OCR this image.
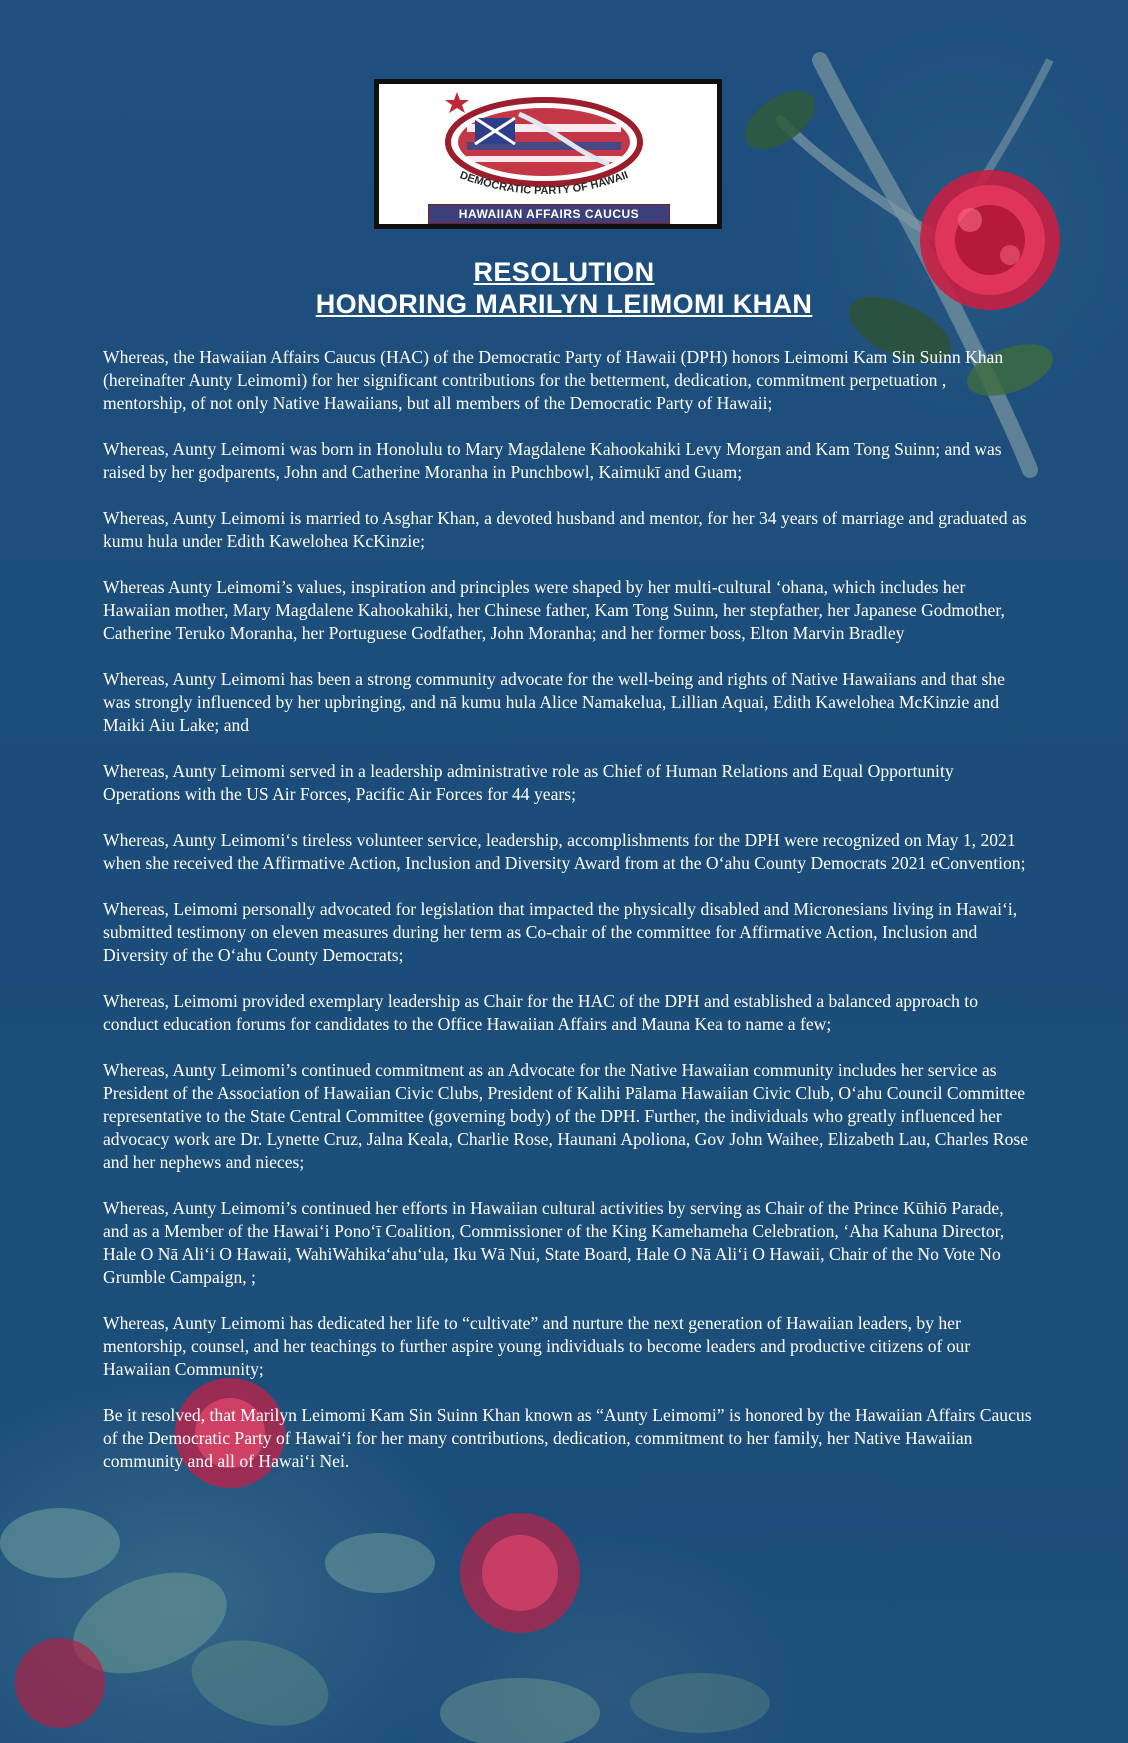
DEMOCRATIC PARTY OF HAWAII
HAWAIIAN AFFAIRS CAUCUS
RESOLUTION
HONORING MARILYN LEIMOMI KHAN

Whereas, the Hawaiian Affairs Caucus (HAC) of the Democratic Party of Hawaii (DPH) honors Leimomi Kam Sin Suinn Khan (hereinafter Aunty Leimomi) for her significant contributions for the betterment, dedication, commitment perpetuation , mentorship, of not only Native Hawaiians, but all members of the Democratic Party of Hawaii;

Whereas, Aunty Leimomi was born in Honolulu to Mary Magdalene Kahookahiki Levy Morgan and Kam Tong Suinn; and was raised by her godparents, John and Catherine Moranha in Punchbowl, Kaimukī and Guam;

Whereas, Aunty Leimomi is married to Asghar Khan, a devoted husband and mentor, for her 34 years of marriage and graduated as kumu hula under Edith Kawelohea KcKinzie;

Whereas Aunty Leimomi’s values, inspiration and principles were shaped by her multi-cultural ‘ohana, which includes her Hawaiian mother, Mary Magdalene Kahookahiki, her Chinese father, Kam Tong Suinn, her stepfather, her Japanese Godmother, Catherine Teruko Moranha, her Portuguese Godfather, John Moranha; and her former boss, Elton Marvin Bradley

Whereas, Aunty Leimomi has been a strong community advocate for the well-being and rights of Native Hawaiians and that she was strongly influenced by her upbringing, and nā kumu hula Alice Namakelua, Lillian Aquai, Edith Kawelohea McKinzie and Maiki Aiu Lake; and

Whereas, Aunty Leimomi served in a leadership administrative role as Chief of Human Relations and Equal Opportunity Operations with the US Air Forces, Pacific Air Forces for 44 years;

Whereas, Aunty Leimomi‘s tireless volunteer service, leadership, accomplishments for the DPH were recognized on May 1, 2021 when she received the Affirmative Action, Inclusion and Diversity Award from at the O‘ahu County Democrats 2021 eConvention;

Whereas, Leimomi personally advocated for legislation that impacted the physically disabled and Micronesians living in Hawai‘i, submitted testimony on eleven measures during her term as Co-chair of the committee for Affirmative Action, Inclusion and Diversity of the O‘ahu County Democrats;

Whereas, Leimomi provided exemplary leadership as Chair for the HAC of the DPH and established a balanced approach to conduct education forums for candidates to the Office Hawaiian Affairs and Mauna Kea to name a few;

Whereas, Aunty Leimomi’s continued commitment as an Advocate for the Native Hawaiian community includes her service as President of the Association of Hawaiian Civic Clubs, President of Kalihi Pālama Hawaiian Civic Club, O‘ahu Council Committee representative to the State Central Committee (governing body) of the DPH. Further, the individuals who greatly influenced her advocacy work are Dr. Lynette Cruz, Jalna Keala, Charlie Rose, Haunani Apoliona, Gov John Waihee, Elizabeth Lau, Charles Rose and her nephews and nieces;

Whereas, Aunty Leimomi’s continued her efforts in Hawaiian cultural activities by serving as Chair of the Prince Kūhiō Parade, and as a Member of the Hawai‘i Pono‘ī Coalition, Commissioner of the King Kamehameha Celebration, ‘Aha Kahuna Director, Hale O Nā Ali‘i O Hawaii, WahiWahika‘ahu‘ula, Iku Wā Nui, State Board, Hale O Nā Ali‘i O Hawaii, Chair of the No Vote No Grumble Campaign, ;

Whereas, Aunty Leimomi has dedicated her life to “cultivate” and nurture the next generation of Hawaiian leaders, by her mentorship, counsel, and her teachings to further aspire young individuals to become leaders and productive citizens of our Hawaiian Community;

Be it resolved, that Marilyn Leimomi Kam Sin Suinn Khan known as “Aunty Leimomi” is honored by the Hawaiian Affairs Caucus of the Democratic Party of Hawai‘i for her many contributions, dedication, commitment to her family, her Native Hawaiian community and all of Hawai‘i Nei.
